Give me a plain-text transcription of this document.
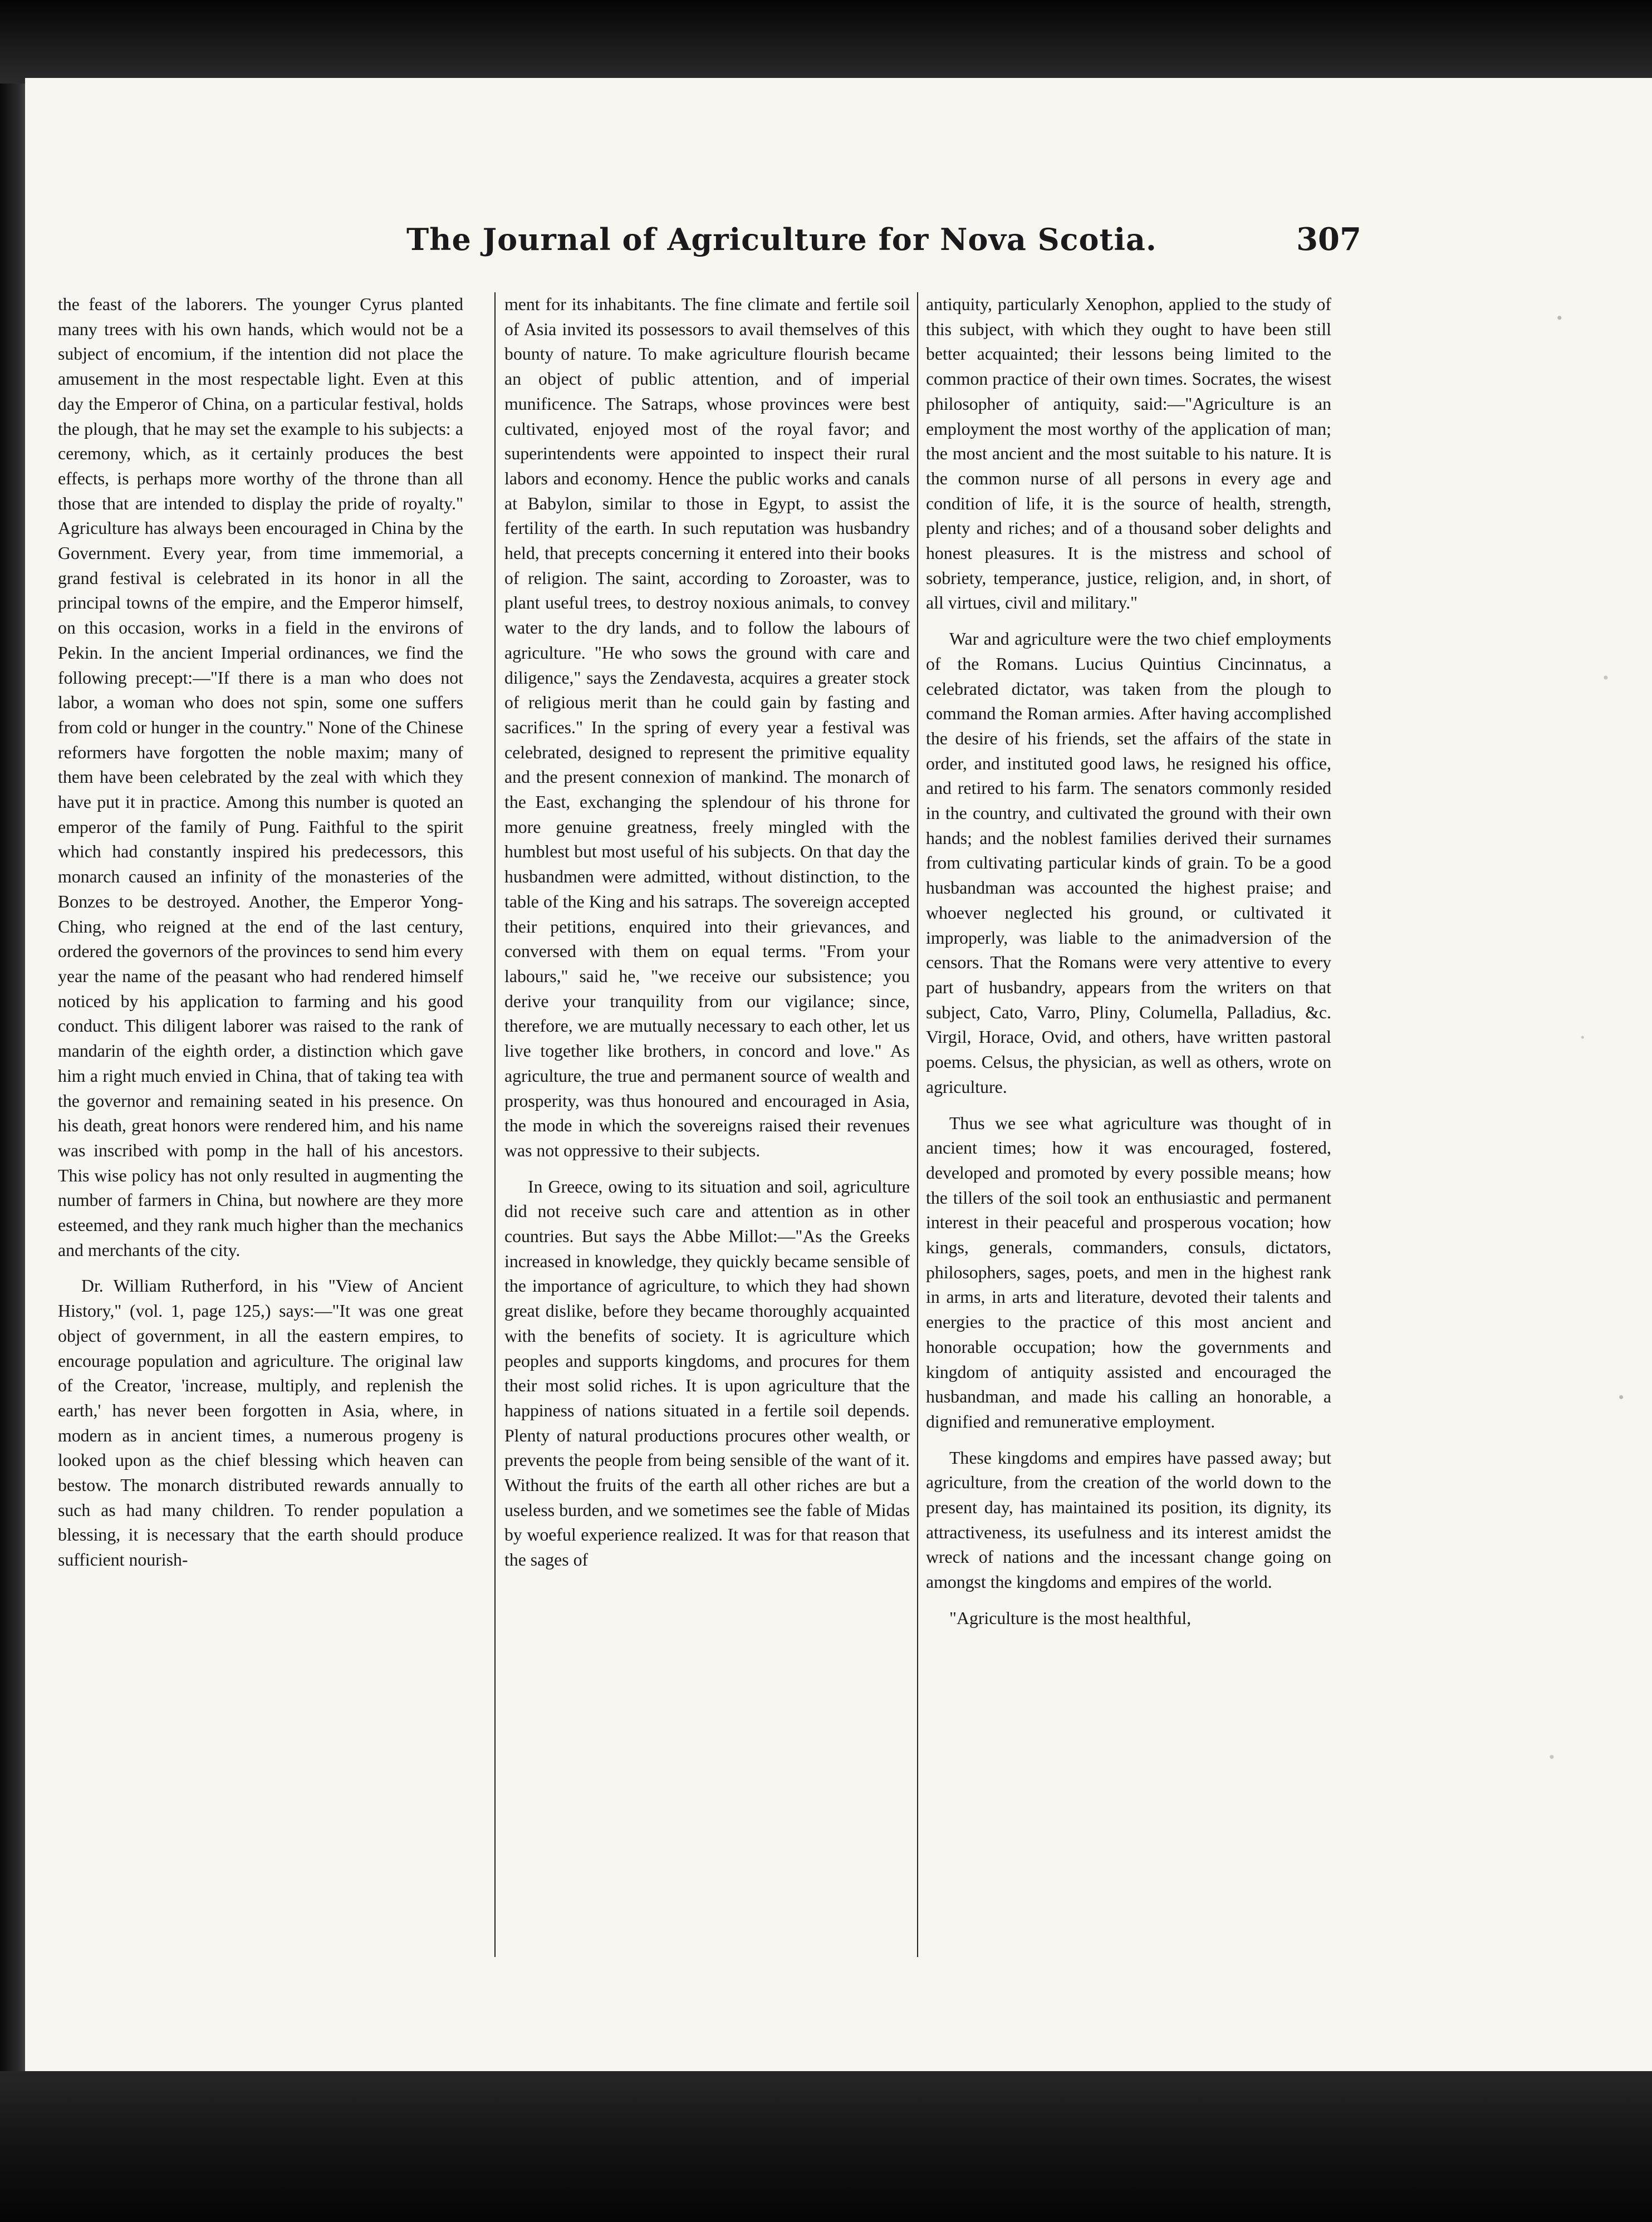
The Journal of Agriculture for Nova Scotia.	307

the feast of the laborers. The younger Cyrus planted many trees with his own hands, which would not be a subject of encomium, if the intention did not place the amusement in the most respectable light. Even at this day the Emperor of China, on a particular festival, holds the plough, that he may set the example to his subjects: a ceremony, which, as it certainly produces the best effects, is perhaps more worthy of the throne than all those that are intended to display the pride of royalty." Agriculture has always been encouraged in China by the Government. Every year, from time immemorial, a grand festival is celebrated in its honor in all the principal towns of the empire, and the Emperor himself, on this occasion, works in a field in the environs of Pekin. In the ancient Imperial ordinances, we find the following precept:—"If there is a man who does not labor, a woman who does not spin, some one suffers from cold or hunger in the country." None of the Chinese reformers have forgotten the noble maxim; many of them have been celebrated by the zeal with which they have put it in practice. Among this number is quoted an emperor of the family of Pung. Faithful to the spirit which had constantly inspired his predecessors, this monarch caused an infinity of the monasteries of the Bonzes to be destroyed. Another, the Emperor Yong-Ching, who reigned at the end of the last century, ordered the governors of the provinces to send him every year the name of the peasant who had rendered himself noticed by his application to farming and his good conduct. This diligent laborer was raised to the rank of mandarin of the eighth order, a distinction which gave him a right much envied in China, that of taking tea with the governor and remaining seated in his presence. On his death, great honors were rendered him, and his name was inscribed with pomp in the hall of his ancestors. This wise policy has not only resulted in augmenting the number of farmers in China, but nowhere are they more esteemed, and they rank much higher than the mechanics and merchants of the city.

Dr. William Rutherford, in his "View of Ancient History," (vol. 1, page 125,) says:—"It was one great object of government, in all the eastern empires, to encourage population and agriculture. The original law of the Creator, 'increase, multiply, and replenish the earth,' has never been forgotten in Asia, where, in modern as in ancient times, a numerous progeny is looked upon as the chief blessing which heaven can bestow. The monarch distributed rewards annually to such as had many children. To render population a blessing, it is necessary that the earth should produce sufficient nourish-

ment for its inhabitants. The fine climate and fertile soil of Asia invited its possessors to avail themselves of this bounty of nature. To make agriculture flourish became an object of public attention, and of imperial munificence. The Satraps, whose provinces were best cultivated, enjoyed most of the royal favor; and superintendents were appointed to inspect their rural labors and economy. Hence the public works and canals at Babylon, similar to those in Egypt, to assist the fertility of the earth. In such reputation was husbandry held, that precepts concerning it entered into their books of religion. The saint, according to Zoroaster, was to plant useful trees, to destroy noxious animals, to convey water to the dry lands, and to follow the labours of agriculture. "He who sows the ground with care and diligence," says the Zendavesta, acquires a greater stock of religious merit than he could gain by fasting and sacrifices." In the spring of every year a festival was celebrated, designed to represent the primitive equality and the present connexion of mankind. The monarch of the East, exchanging the splendour of his throne for more genuine greatness, freely mingled with the humblest but most useful of his subjects. On that day the husbandmen were admitted, without distinction, to the table of the King and his satraps. The sovereign accepted their petitions, enquired into their grievances, and conversed with them on equal terms. "From your labours," said he, "we receive our subsistence; you derive your tranquility from our vigilance; since, therefore, we are mutually necessary to each other, let us live together like brothers, in concord and love." As agriculture, the true and permanent source of wealth and prosperity, was thus honoured and encouraged in Asia, the mode in which the sovereigns raised their revenues was not oppressive to their subjects.

In Greece, owing to its situation and soil, agriculture did not receive such care and attention as in other countries. But says the Abbe Millot:—"As the Greeks increased in knowledge, they quickly became sensible of the importance of agriculture, to which they had shown great dislike, before they became thoroughly acquainted with the benefits of society. It is agriculture which peoples and supports kingdoms, and procures for them their most solid riches. It is upon agriculture that the happiness of nations situated in a fertile soil depends. Plenty of natural productions procures other wealth, or prevents the people from being sensible of the want of it. Without the fruits of the earth all other riches are but a useless burden, and we sometimes see the fable of Midas by woeful experience realized. It was for that reason that the sages of

antiquity, particularly Xenophon, applied to the study of this subject, with which they ought to have been still better acquainted; their lessons being limited to the common practice of their own times. Socrates, the wisest philosopher of antiquity, said:—"Agriculture is an employment the most worthy of the application of man; the most ancient and the most suitable to his nature. It is the common nurse of all persons in every age and condition of life, it is the source of health, strength, plenty and riches; and of a thousand sober delights and honest pleasures. It is the mistress and school of sobriety, temperance, justice, religion, and, in short, of all virtues, civil and military."

War and agriculture were the two chief employments of the Romans. Lucius Quintius Cincinnatus, a celebrated dictator, was taken from the plough to command the Roman armies. After having accomplished the desire of his friends, set the affairs of the state in order, and instituted good laws, he resigned his office, and retired to his farm. The senators commonly resided in the country, and cultivated the ground with their own hands; and the noblest families derived their surnames from cultivating particular kinds of grain. To be a good husbandman was accounted the highest praise; and whoever neglected his ground, or cultivated it improperly, was liable to the animadversion of the censors. That the Romans were very attentive to every part of husbandry, appears from the writers on that subject, Cato, Varro, Pliny, Columella, Palladius, &c. Virgil, Horace, Ovid, and others, have written pastoral poems. Celsus, the physician, as well as others, wrote on agriculture.

Thus we see what agriculture was thought of in ancient times; how it was encouraged, fostered, developed and promoted by every possible means; how the tillers of the soil took an enthusiastic and permanent interest in their peaceful and prosperous vocation; how kings, generals, commanders, consuls, dictators, philosophers, sages, poets, and men in the highest rank in arms, in arts and literature, devoted their talents and energies to the practice of this most ancient and honorable occupation; how the governments and kingdom of antiquity assisted and encouraged the husbandman, and made his calling an honorable, a dignified and remunerative employment.

These kingdoms and empires have passed away; but agriculture, from the creation of the world down to the present day, has maintained its position, its dignity, its attractiveness, its usefulness and its interest amidst the wreck of nations and the incessant change going on amongst the kingdoms and empires of the world.

"Agriculture is the most healthful,
